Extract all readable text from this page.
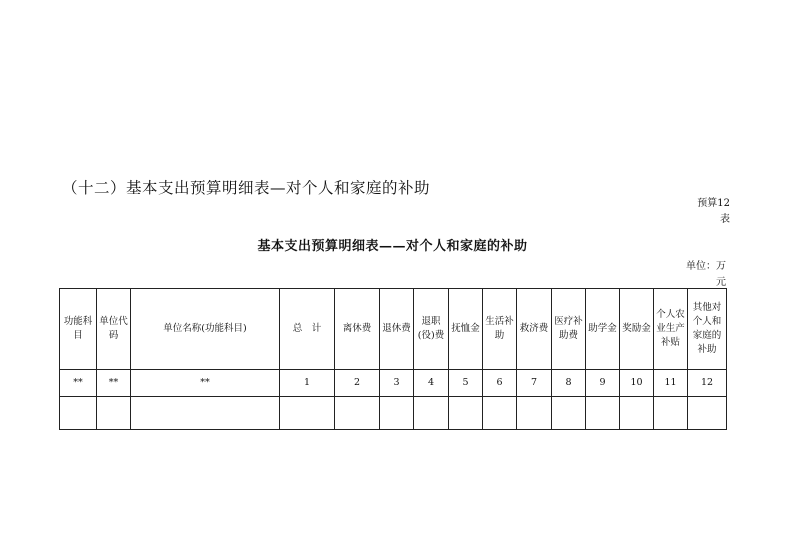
（十二）基本支出预算明细表—对个人和家庭的补助
预算12表
基本支出预算明细表——对个人和家庭的补助
单位：万元
功能科目	单位代码	单位名称(功能科目)	总　计	离休费	退休费	退职(役)费	抚恤金	生活补助	救济费	医疗补助费	助学金	奖励金	个人农业生产补贴	其他对个人和家庭的补助
**	**	**	1	2	3	4	5	6	7	8	9	10	11	12
